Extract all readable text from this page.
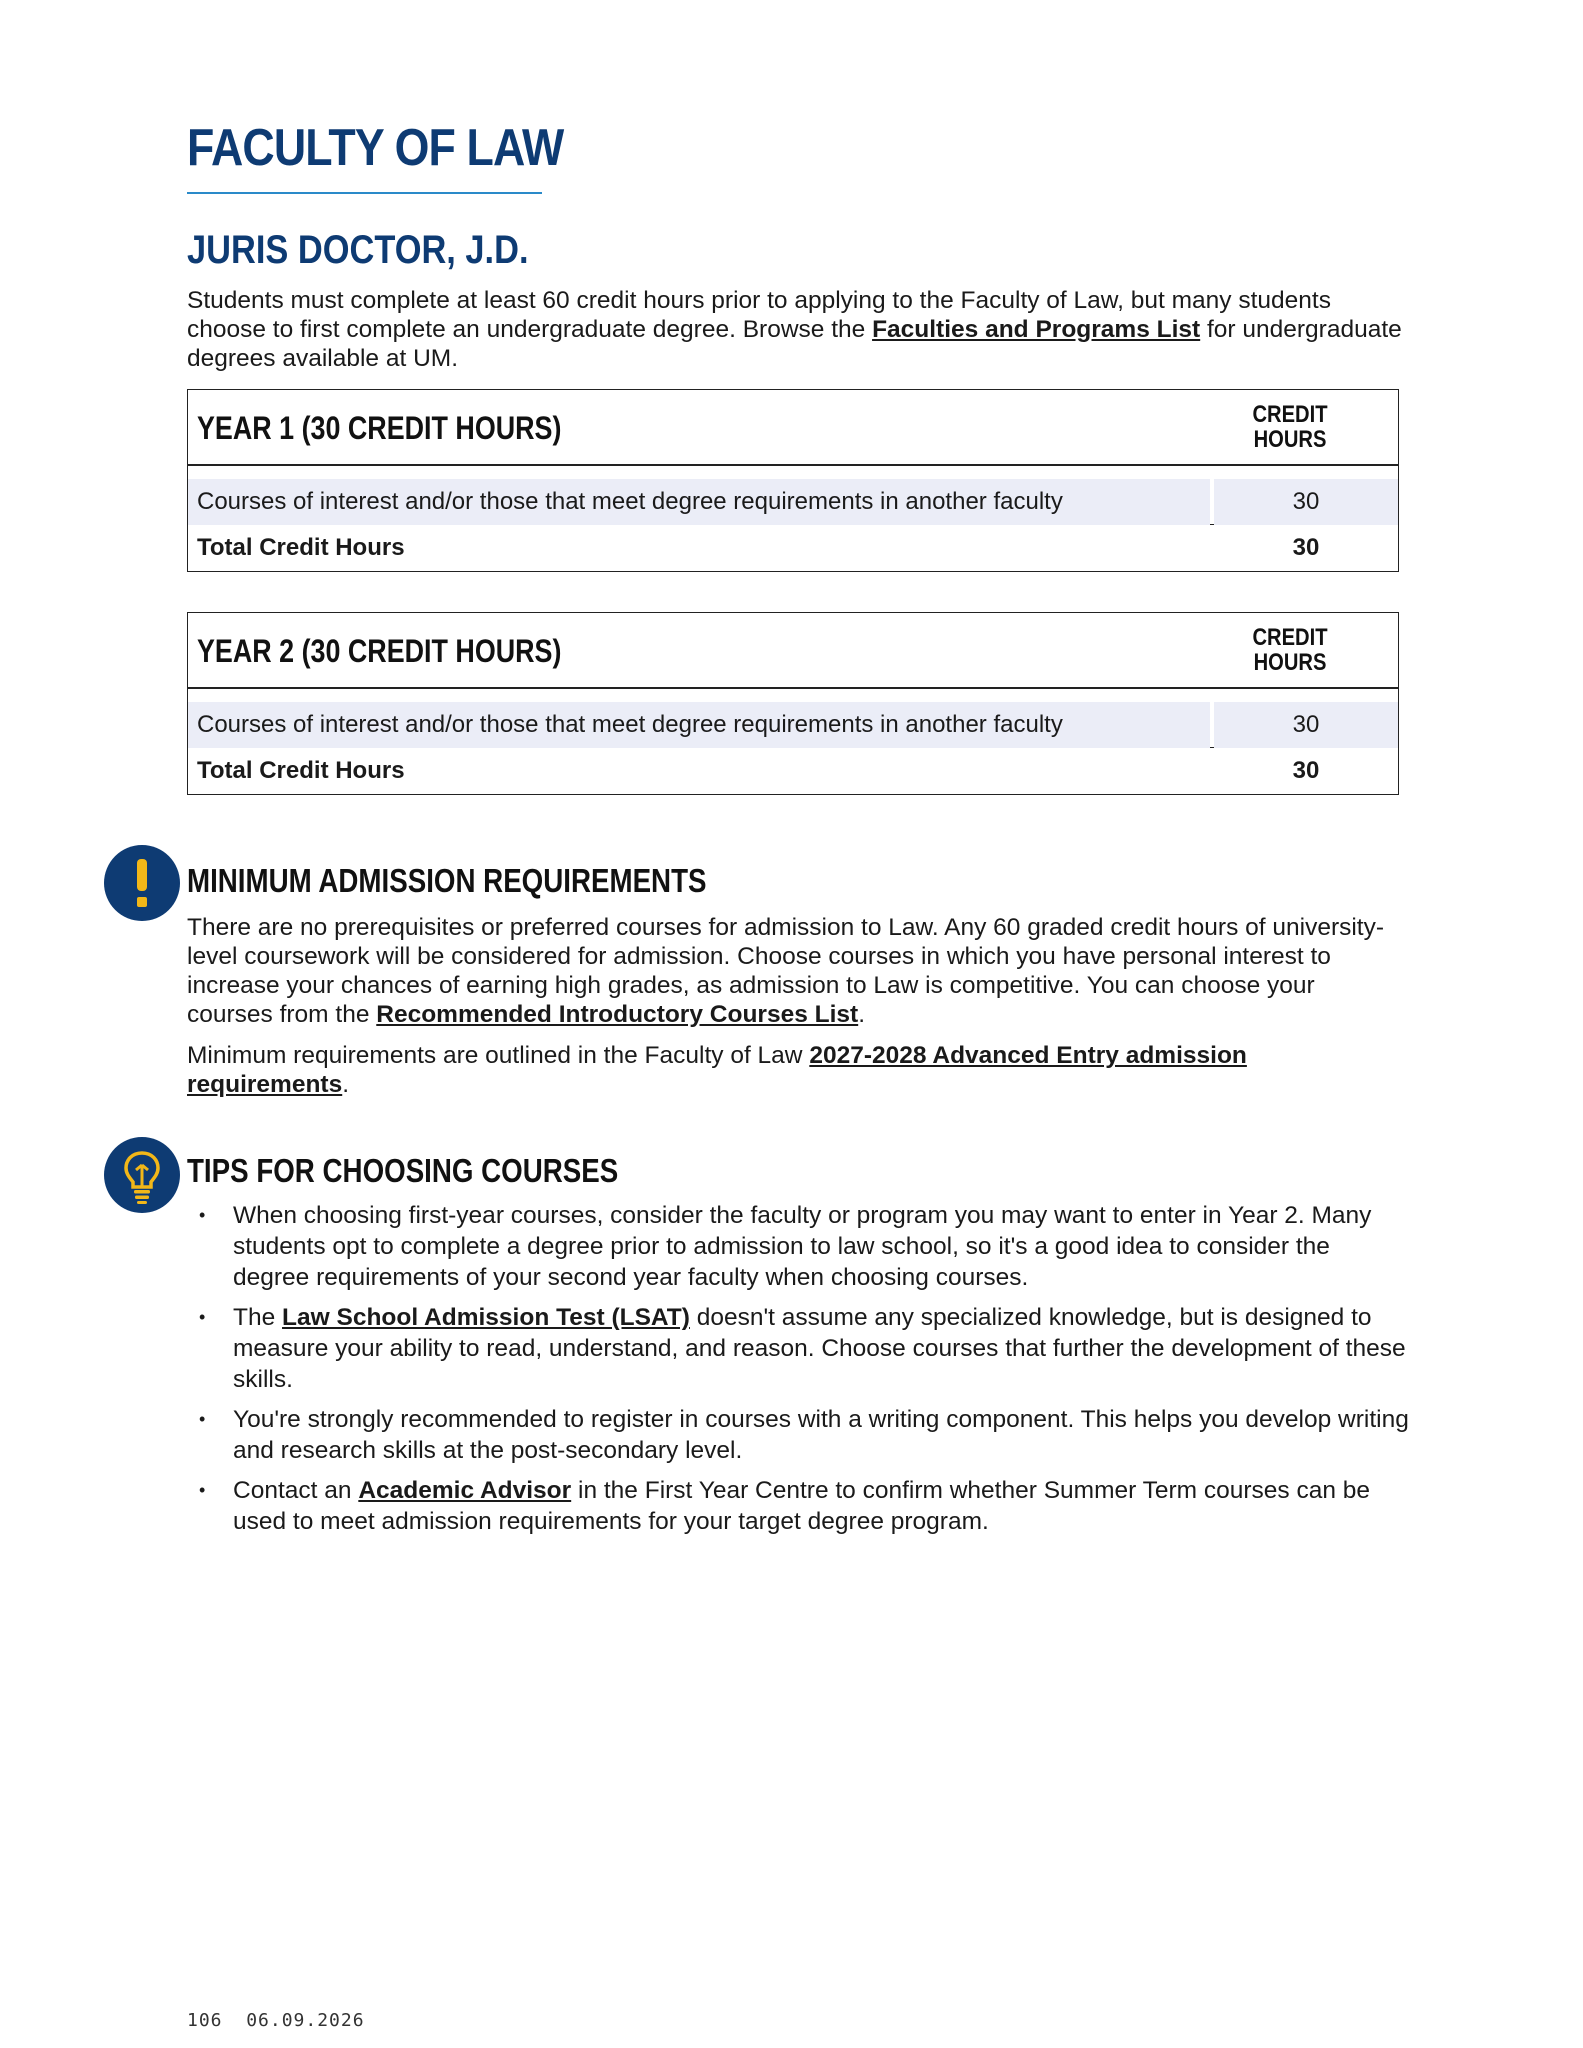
FACULTY OF LAW
JURIS DOCTOR, J.D.

Students must complete at least 60 credit hours prior to applying to the Faculty of Law, but many students choose to first complete an undergraduate degree. Browse the Faculties and Programs List for undergraduate degrees available at UM.

YEAR 1 (30 CREDIT HOURS)	CREDIT
HOURS
Courses of interest and/or those that meet degree requirements in another faculty	30
Total Credit Hours	30
YEAR 2 (30 CREDIT HOURS)	CREDIT
HOURS
Courses of interest and/or those that meet degree requirements in another faculty	30
Total Credit Hours	30
MINIMUM ADMISSION REQUIREMENTS

There are no prerequisites or preferred courses for admission to Law. Any 60 graded credit hours of university-level coursework will be considered for admission. Choose courses in which you have personal interest to increase your chances of earning high grades, as admission to Law is competitive. You can choose your courses from the Recommended Introductory Courses List.

Minimum requirements are outlined in the Faculty of Law 2027-2028 Advanced Entry admission requirements.

TIPS FOR CHOOSING COURSES
• When choosing first-year courses, consider the faculty or program you may want to enter in Year 2. Many students opt to complete a degree prior to admission to law school, so it's a good idea to consider the degree requirements of your second year faculty when choosing courses.
• The Law School Admission Test (LSAT) doesn't assume any specialized knowledge, but is designed to measure your ability to read, understand, and reason. Choose courses that further the development of these skills.
• You're strongly recommended to register in courses with a writing component. This helps you develop writing and research skills at the post-secondary level.
• Contact an Academic Advisor in the First Year Centre to confirm whether Summer Term courses can be used to meet admission requirements for your target degree program.
106 06.09.2026
